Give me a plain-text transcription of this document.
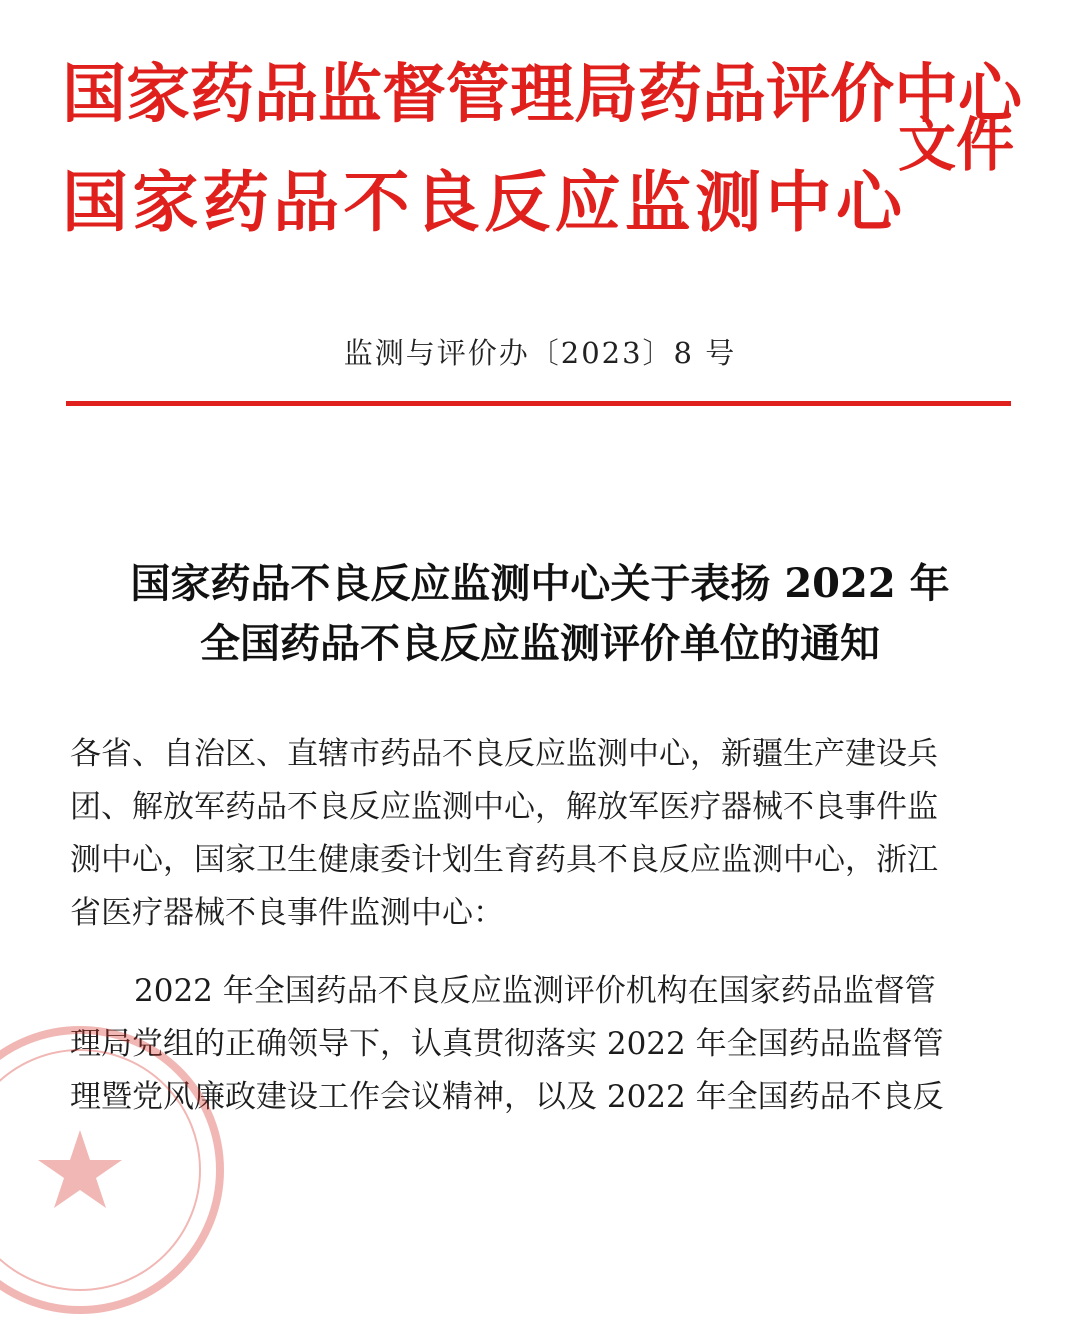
国 家 药 品 监 督 管 理 局 药 品 评 价 中 心
国 家 药 品 不 良 反 应 监 测 中 心
文件
监测与评价办〔2023〕8 号
国家药品不良反应监测中心关于表扬 2022 年
全国药品不良反应监测评价单位的通知
各省、自治区、直辖市药品不良反应监测中心，新疆生产建设兵
团、解放军药品不良反应监测中心，解放军医疗器械不良事件监
测中心，国家卫生健康委计划生育药具不良反应监测中心，浙江
省医疗器械不良事件监测中心：
2022 年全国药品不良反应监测评价机构在国家药品监督管
理局党组的正确领导下，认真贯彻落实 2022 年全国药品监督管
理暨党风廉政建设工作会议精神，以及 2022 年全国药品不良反
